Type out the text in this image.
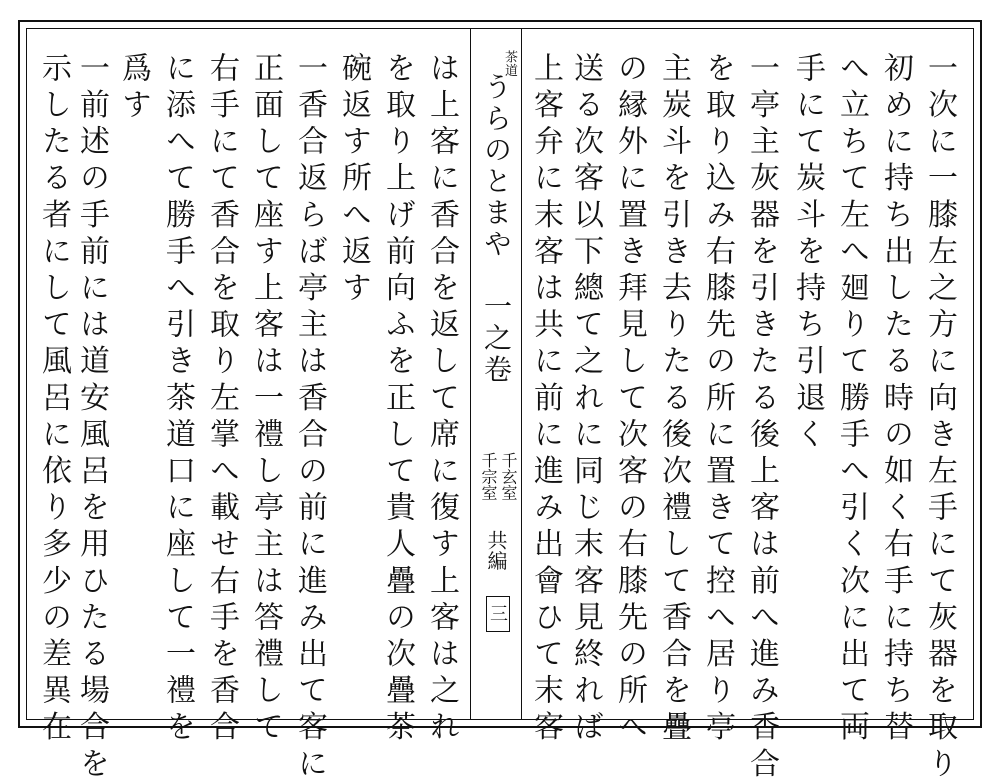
一次に一膝左之方に向き左手にて灰器を取り
初めに持ち出したる時の如く右手に持ち替
へ立ちて左へ廻りて勝手へ引く次に出て両
手にて炭斗を持ち引退く
一亭主灰器を引きたる後上客は前へ進み香合
を取り込み右膝先の所に置きて控へ居り亭
主炭斗を引き去りたる後次禮して香合を疊
の縁外に置き拜見して次客の右膝先の所へ
送る次客以下總て之れに同じ末客見終れば
上客弁に末客は共に前に進み出會ひて末客
茶道
うらのとまや　一之卷
千玄室
千宗室
共編
三
は上客に香合を返して席に復す上客は之れ
を取り上げ前向ふを正して貴人疊の次疊茶
碗返す所へ返す
一香合返らば亭主は香合の前に進み出て客に
正面して座す上客は一禮し亭主は答禮して
右手にて香合を取り左掌へ載せ右手を香合
に添へて勝手へ引き茶道口に座して一禮を
爲す
一前述の手前には道安風呂を用ひたる場合を
示したる者にして風呂に依り多少の差異在
